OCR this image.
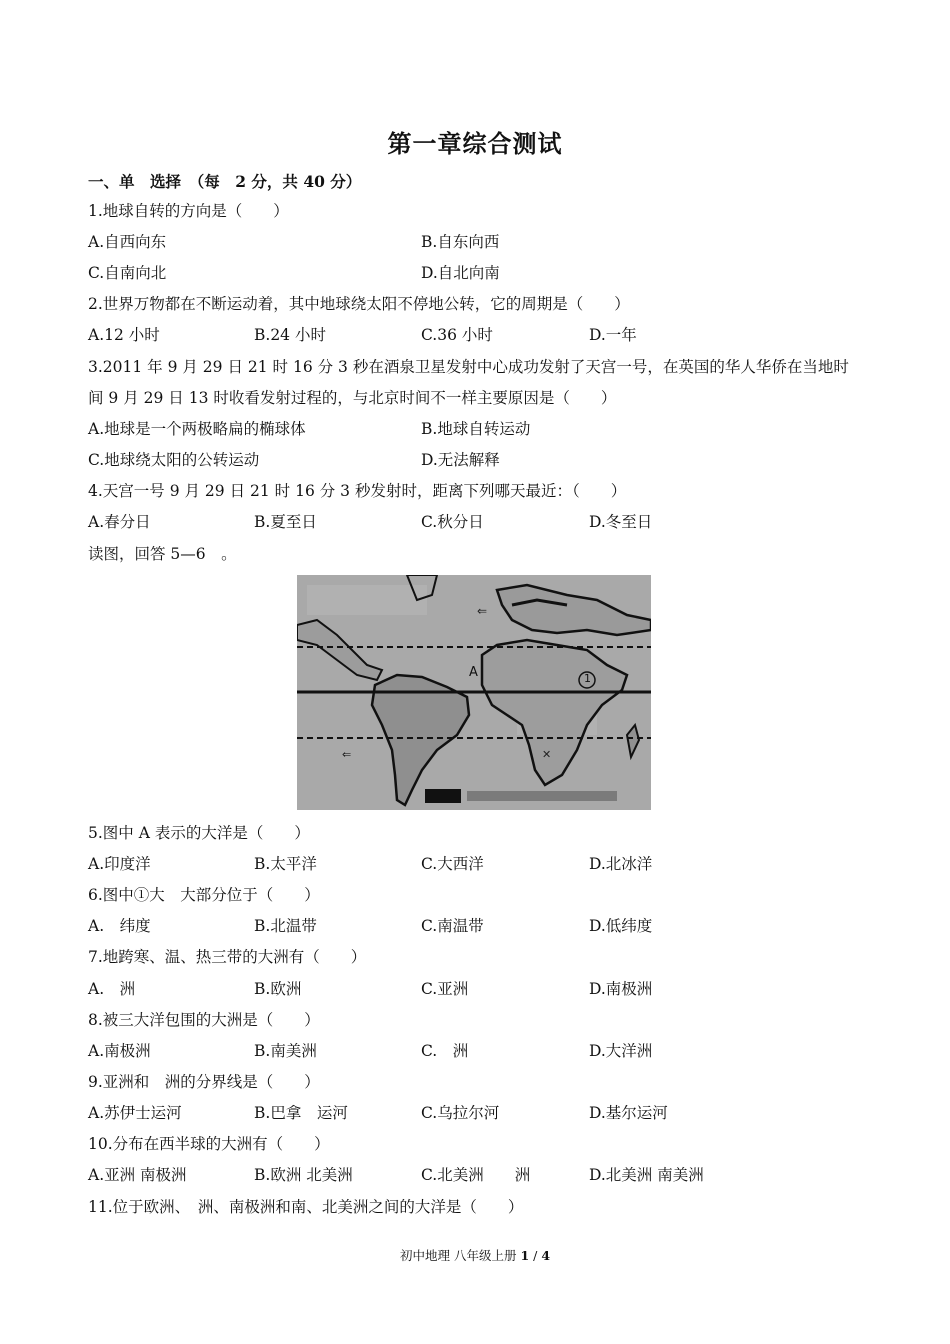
第一章综合测试
一、单　选择　（每　2 分，共 40 分）
1.地球自转的方向是（　　）
A.自西向东	B.自东向西
C.自南向北	D.自北向南
2.世界万物都在不断运动着，其中地球绕太阳不停地公转，它的周期是（　　）
A.12 小时	B.24 小时	C.36 小时	D.一年
3.2011 年 9 月 29 日 21 时 16 分 3 秒在酒泉卫星发射中心成功发射了天宫一号，在英国的华人华侨在当地时
间 9 月 29 日 13 时收看发射过程的，与北京时间不一样主要原因是（　　）
A.地球是一个两极略扁的椭球体	B.地球自转运动
C.地球绕太阳的公转运动	D.无法解释
4.天宫一号 9 月 29 日 21 时 16 分 3 秒发射时，距离下列哪天最近：（　　）
A.春分日	B.夏至日	C.秋分日	D.冬至日
读图，回答 5—6　。
⇐	✕
⇐
A	1
5.图中 A 表示的大洋是（　　）
A.印度洋	B.太平洋	C.大西洋	D.北冰洋
6.图中①大　大部分位于（　　）
A.　纬度	B.北温带	C.南温带	D.低纬度
7.地跨寒、温、热三带的大洲有（　　）
A.　洲	B.欧洲	C.亚洲	D.南极洲
8.被三大洋包围的大洲是（　　）
A.南极洲	B.南美洲	C.　洲	D.大洋洲
9.亚洲和　洲的分界线是（　　）
A.苏伊士运河	B.巴拿　运河	C.乌拉尔河	D.基尔运河
10.分布在西半球的大洲有（　　）
A.亚洲 南极洲	B.欧洲 北美洲	C.北美洲　　洲	D.北美洲 南美洲
11.位于欧洲、　洲、南极洲和南、北美洲之间的大洋是（　　）
初中地理 八年级上册 1 / 4
